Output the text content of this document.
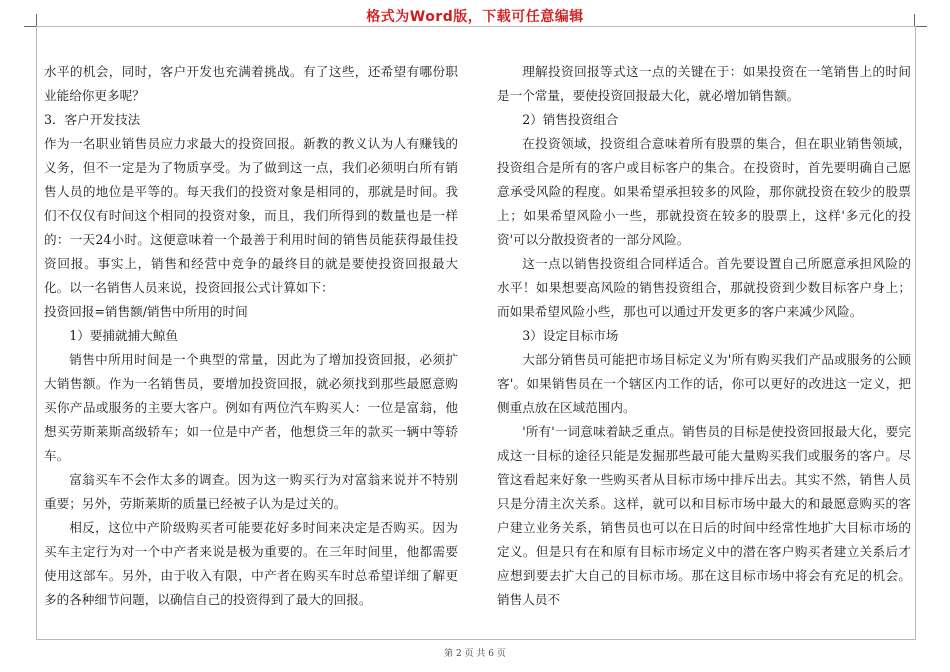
格式为Word版，下载可任意编辑

水平的机会，同时，客户开发也充满着挑战。有了这些，还希望有哪份职业能给你更多呢？

3．客户开发技法

作为一名职业销售员应力求最大的投资回报。新教的教义认为人有赚钱的义务，但不一定是为了物质享受。为了做到这一点，我们必须明白所有销售人员的地位是平等的。每天我们的投资对象是相同的，那就是时间。我们不仅仅有时间这个相同的投资对象，而且，我们所得到的数量也是一样的：一天24小时。这便意味着一个最善于利用时间的销售员能获得最佳投资回报。事实上，销售和经营中竞争的最终目的就是要使投资回报最大化。以一名销售人员来说，投资回报公式计算如下：

投资回报=销售额/销售中所用的时间

1）要捕就捕大鲸鱼

销售中所用时间是一个典型的常量，因此为了增加投资回报，必须扩大销售额。作为一名销售员，要增加投资回报，就必须找到那些最愿意购买你产品或服务的主要大客户。例如有两位汽车购买人：一位是富翁，他想买劳斯莱斯高级轿车；如一位是中产者，他想贷三年的款买一辆中等轿车。

富翁买车不会作太多的调查。因为这一购买行为对富翁来说并不特别重要；另外，劳斯莱斯的质量已经被子认为是过关的。

相反，这位中产阶级购买者可能要花好多时间来决定是否购买。因为买车主定行为对一个中产者来说是极为重要的。在三年时间里，他都需要使用这部车。另外，由于收入有限，中产者在购买车时总希望详细了解更多的各种细节问题，以确信自己的投资得到了最大的回报。

理解投资回报等式这一点的关键在于：如果投资在一笔销售上的时间是一个常量，要使投资回报最大化，就必增加销售额。

2）销售投资组合

在投资领域，投资组合意味着所有股票的集合，但在职业销售领域，投资组合是所有的客户或目标客户的集合。在投资时，首先要明确自己愿意承受风险的程度。如果希望承担较多的风险，那你就投资在较少的股票上；如果希望风险小一些，那就投资在较多的股票上，这样'多元化的投资'可以分散投资者的一部分风险。

这一点以销售投资组合同样适合。首先要设置自己所愿意承担风险的水平！如果想要高风险的销售投资组合，那就投资到少数目标客户身上；而如果希望风险小些，那也可以通过开发更多的客户来减少风险。

3）设定目标市场

大部分销售员可能把市场目标定义为'所有购买我们产品或服务的公顾客'。如果销售员在一个辖区内工作的话，你可以更好的改进这一定义，把侧重点放在区域范围内。

'所有'一词意味着缺乏重点。销售员的目标是使投资回报最大化，要完成这一目标的途径只能是发掘那些最可能大量购买我们或服务的客户。尽管这看起来好象一些购买者从目标市场中排斥出去。其实不然，销售人员只是分清主次关系。这样，就可以和目标市场中最大的和最愿意购买的客户建立业务关系，销售员也可以在日后的时间中经常性地扩大目标市场的定义。但是只有在和原有目标市场定义中的潜在客户购买者建立关系后才应想到要去扩大自己的目标市场。那在这目标市场中将会有充足的机会。销售人员不

第 2 页 共 6 页
